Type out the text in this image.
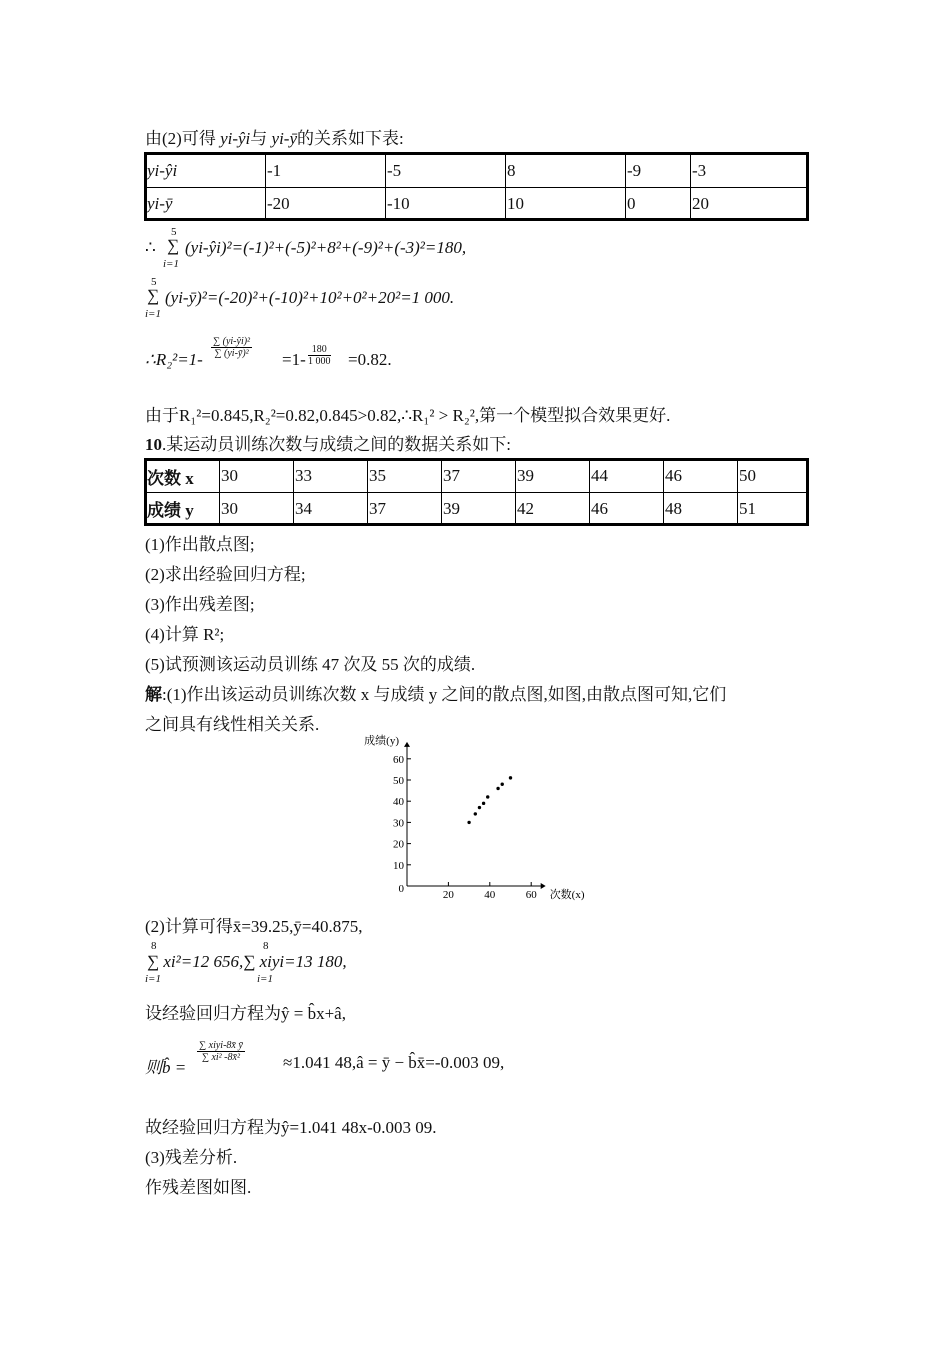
由(2)可得 yi-ŷi与 yi-ȳ的关系如下表:
yi-ŷi	-1	-5	8	-9	-3
yi-ȳ	-20	-10	10	0	20
∴
5
∑
i=1
(yi-ŷi)²=(-1)²+(-5)²+8²+(-9)²+(-3)²=180,
5
∑
i=1
(yi-ȳ)²=(-20)²+(-10)²+10²+0²+20²=1 000.
∴R₂²=1-
$\frac{\text{∑ (yi-ŷi)²}}{\text{∑ (yi-ȳ)²}}$
$=1- \frac{180}{1 000} =0.82$.
由于R₁²=0.845,R₂²=0.82,0.845>0.82,∴R₁² > R₂²,第一个模型拟合效果更好.
10.某运动员训练次数与成绩之间的数据关系如下:
次数 x	30	33	35	37	39	44	46	50
成绩 y	30	34	37	39	42	46	48	51
(1)作出散点图;
(2)求出经验回归方程;
(3)作出残差图;
(4)计算 R²;
(5)试预测该运动员训练 47 次及 55 次的成绩.
解:(1)作出该运动员训练次数 x 与成绩 y 之间的散点图,如图,由散点图可知,它们
之间具有线性相关关系.
10
20
30
40
50
60
20	40	60
0
成绩(y)
次数(x)
(2)计算可得x̄=39.25,ȳ=40.875,
8	8
i=1	i=1
∑ xi²=12 656,∑ xiyi=13 180,
设经验回归方程为ŷ = b̂x+â,
则b̂ =
∑ xiyi-8x̄ ȳ
∑ xi² -8x̄²	≈1.041 48,â = ȳ − b̂x̄=-0.003 09,
故经验回归方程为ŷ=1.041 48x-0.003 09.
(3)残差分析.
作残差图如图.
